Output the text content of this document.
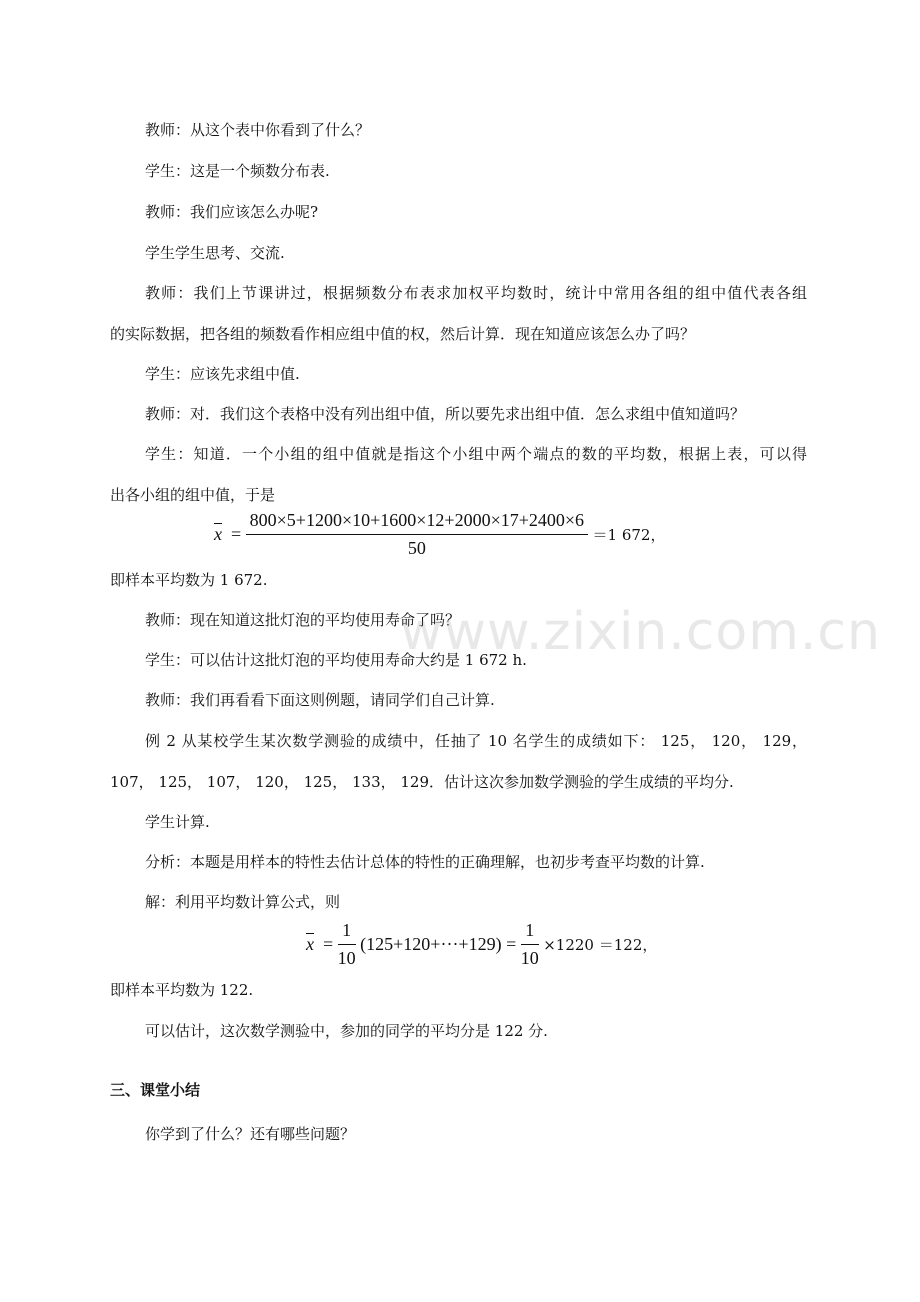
教师：从这个表中你看到了什么？
学生：这是一个频数分布表.
教师：我们应该怎么办呢?
学生学生思考、交流.
教师：我们上节课讲过，根据频数分布表求加权平均数时，统计中常用各组的组中值代表各组
的实际数据，把各组的频数看作相应组中值的权，然后计算．现在知道应该怎么办了吗？
学生：应该先求组中值.
教师：对．我们这个表格中没有列出组中值，所以要先求出组中值．怎么求组中值知道吗？
学生：知道．一个小组的组中值就是指这个小组中两个端点的数的平均数，根据上表，可以得
出各小组的组中值，于是
$\overline{x} = \frac{800\times 5+1200\times 10+1600\times 12+2000\times 17+2400\times 6}{50} =1$ 672，
即样本平均数为 1 672.
教师：现在知道这批灯泡的平均使用寿命了吗？
学生：可以估计这批灯泡的平均使用寿命大约是 1 672 h.
教师：我们再看看下面这则例题，请同学们自己计算.
例 2 从某校学生某次数学测验的成绩中，任抽了 10 名学生的成绩如下： 125， 120， 129，
107， 125， 107， 120， 125， 133， 129．估计这次参加数学测验的学生成绩的平均分.
学生计算.
分析：本题是用样本的特性去估计总体的特性的正确理解，也初步考查平均数的计算.
解：利用平均数计算公式，则
$\overline{x} = \frac{1}{10} (125+120+\cdot\cdot\cdot+129) = \frac{1}{10} \times 1220 =122$，
即样本平均数为 122.
可以估计，这次数学测验中，参加的同学的平均分是 122 分.
三、课堂小结
你学到了什么？还有哪些问题？
www.zixin.com.cn
